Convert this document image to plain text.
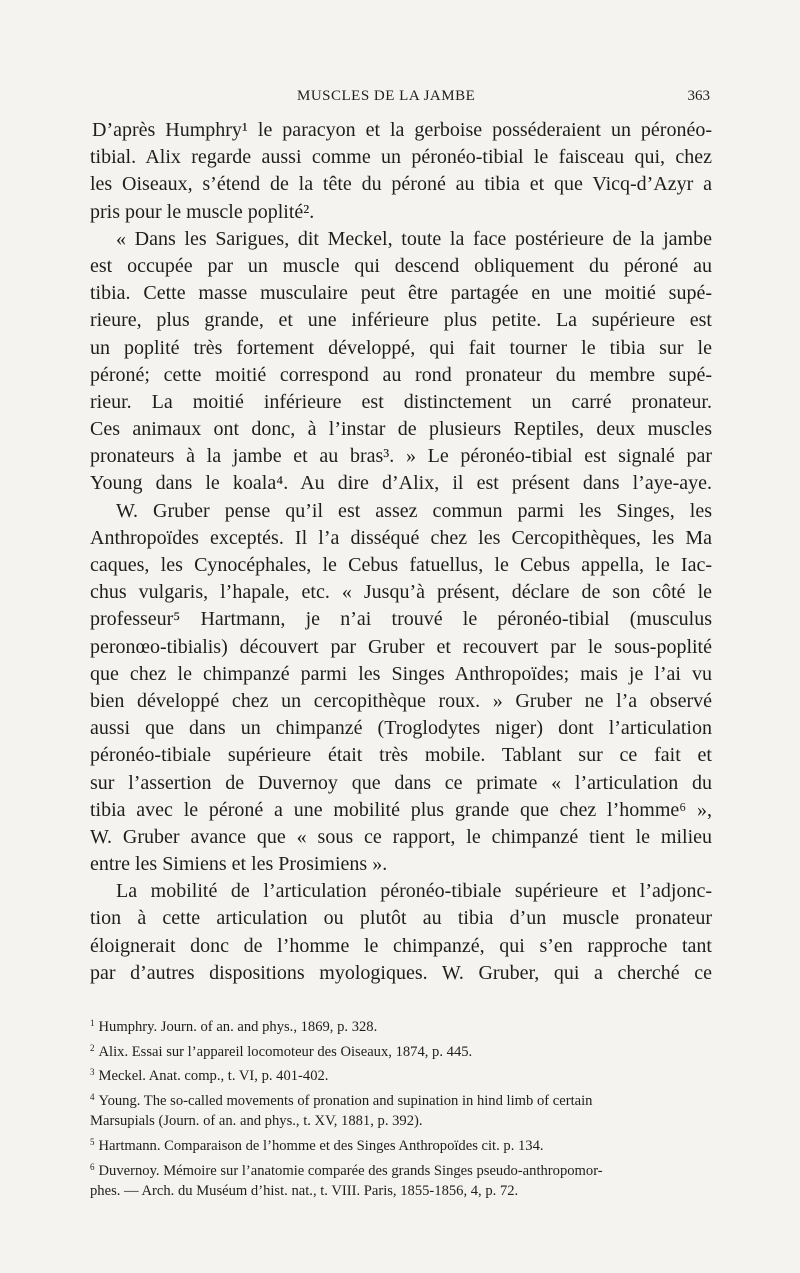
MUSCLES DE LA JAMBE	363
D’après Humphry¹ le paracyon et la gerboise posséderaient un péronéo-
tibial. Alix regarde aussi comme un péronéo-tibial le faisceau qui, chez
les Oiseaux, s’étend de la tête du péroné au tibia et que Vicq-d’Azyr a
pris pour le muscle poplité².
« Dans les Sarigues, dit Meckel, toute la face postérieure de la jambe
est occupée par un muscle qui descend obliquement du péroné au
tibia. Cette masse musculaire peut être partagée en une moitié supé-
rieure, plus grande, et une inférieure plus petite. La supérieure est
un poplité très fortement développé, qui fait tourner le tibia sur le
péroné; cette moitié correspond au rond pronateur du membre supé-
rieur. La moitié inférieure est distinctement un carré pronateur.
Ces animaux ont donc, à l’instar de plusieurs Reptiles, deux muscles
pronateurs à la jambe et au bras³. » Le péronéo-tibial est signalé par
Young dans le koala⁴. Au dire d’Alix, il est présent dans l’aye-aye.
W. Gruber pense qu’il est assez commun parmi les Singes, les
Anthropoïdes exceptés. Il l’a disséqué chez les Cercopithèques, les Ma
caques, les Cynocéphales, le Cebus fatuellus, le Cebus appella, le Iac-
chus vulgaris, l’hapale, etc. « Jusqu’à présent, déclare de son côté le
professeur⁵ Hartmann, je n’ai trouvé le péronéo-tibial (musculus
peronœo-tibialis) découvert par Gruber et recouvert par le sous-poplité
que chez le chimpanzé parmi les Singes Anthropoïdes; mais je l’ai vu
bien développé chez un cercopithèque roux. » Gruber ne l’a observé
aussi que dans un chimpanzé (Troglodytes niger) dont l’articulation
péronéo-tibiale supérieure était très mobile. Tablant sur ce fait et
sur l’assertion de Duvernoy que dans ce primate « l’articulation du
tibia avec le péroné a une mobilité plus grande que chez l’homme⁶ »,
W. Gruber avance que « sous ce rapport, le chimpanzé tient le milieu
entre les Simiens et les Prosimiens ».
La mobilité de l’articulation péronéo-tibiale supérieure et l’adjonc-
tion à cette articulation ou plutôt au tibia d’un muscle pronateur
éloignerait donc de l’homme le chimpanzé, qui s’en rapproche tant
par d’autres dispositions myologiques. W. Gruber, qui a cherché ce
$^1$ Humphry. Journ. of an. and phys., 1869, p. 328.
$^2$ Alix. Essai sur l’appareil locomoteur des Oiseaux, 1874, p. 445.
$^3$ Meckel. Anat. comp., t. VI, p. 401-402.
$^4$ Young. The so-called movements of pronation and supination in hind limb of certain
Marsupials (Journ. of an. and phys., t. XV, 1881, p. 392).
$^5$ Hartmann. Comparaison de l’homme et des Singes Anthropoïdes cit. p. 134.
$^6$ Duvernoy. Mémoire sur l’anatomie comparée des grands Singes pseudo-anthropomor-
phes. — Arch. du Muséum d’hist. nat., t. VIII. Paris, 1855-1856, 4, p. 72.
